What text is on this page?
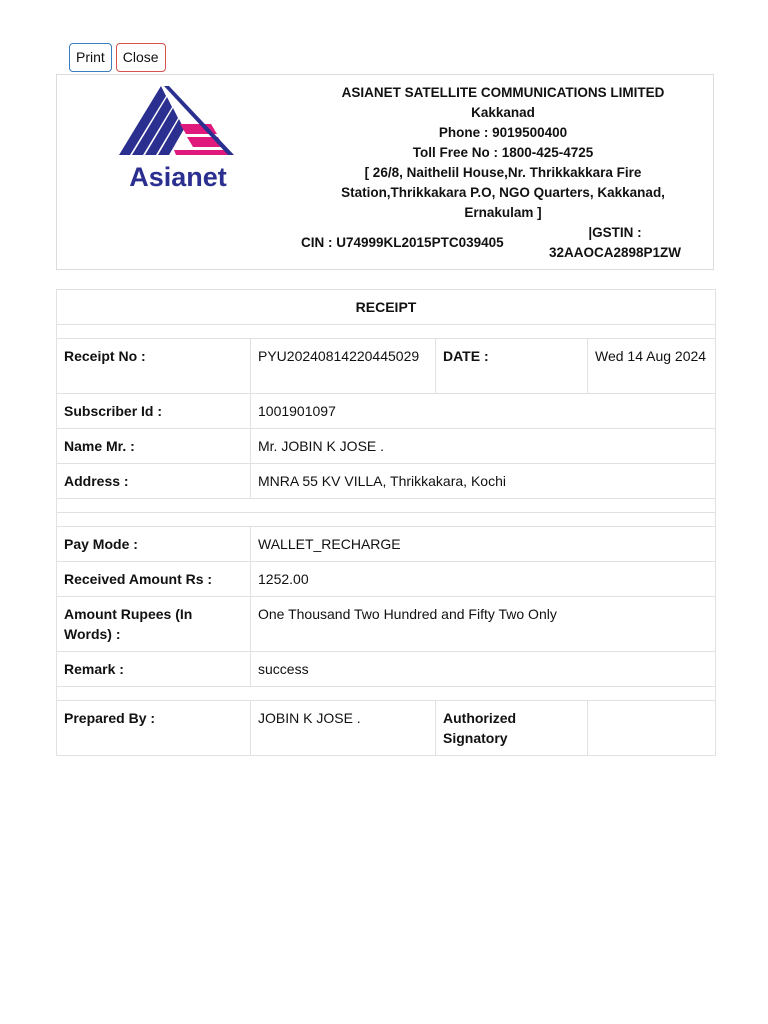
Print	Close
Asianet
ASIANET SATELLITE COMMUNICATIONS LIMITED
Kakkanad
Phone : 9019500400
Toll Free No : 1800-425-4725
[ 26/8, Naithelil House,Nr. Thrikkakkara Fire Station,Thrikkakara P.O, NGO Quarters, Kakkanad, Ernakulam ]
CIN : U74999KL2015PTC039405
|GSTIN : 32AAOCA2898P1ZW
RECEIPT			

Receipt No :	PYU20240814220445029	DATE :	Wed 14 Aug 2024
Subscriber Id :	1001901097		
Name Mr. :	Mr. JOBIN K JOSE .		
Address :	MNRA 55 KV VILLA, Thrikkakara, Kochi		

Pay Mode :	WALLET_RECHARGE		
Received Amount Rs :	1252.00		
Amount Rupees (In Words) :	One Thousand Two Hundred and Fifty Two Only		
Remark :	success		

Prepared By :	JOBIN K JOSE .	Authorized Signatory	
